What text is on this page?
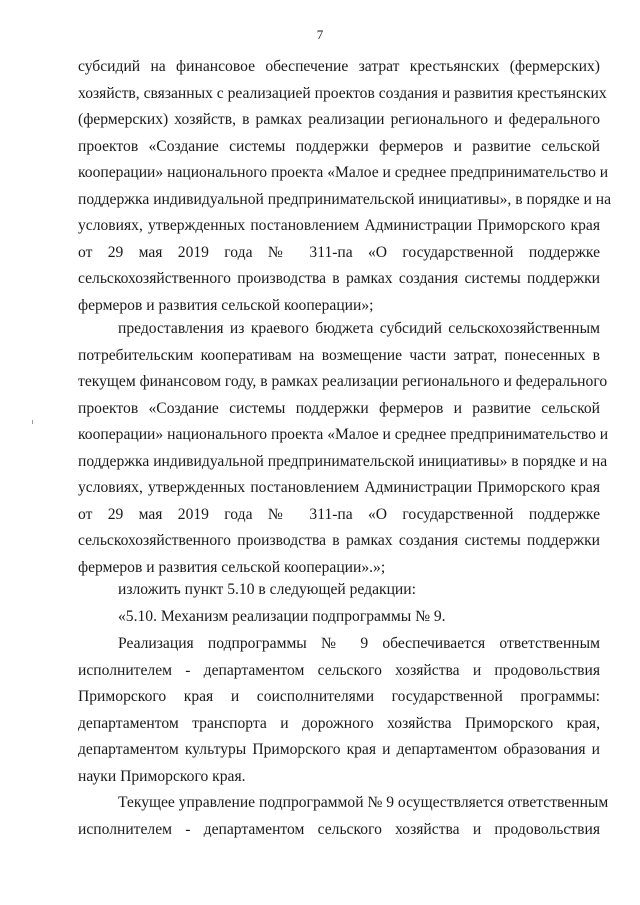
7
субсидий на финансовое обеспечение затрат крестьянских (фермерских)
хозяйств, связанных с реализацией проектов создания и развития крестьянских
(фермерских) хозяйств, в рамках реализации регионального и федерального
проектов «Создание системы поддержки фермеров и развитие сельской
кооперации» национального проекта «Малое и среднее предпринимательство и
поддержка индивидуальной предпринимательской инициативы», в порядке и на
условиях, утвержденных постановлением Администрации Приморского края
от 29 мая 2019 года № 311-па «О государственной поддержке
сельскохозяйственного производства в рамках создания системы поддержки
фермеров и развития сельской кооперации»;
предоставления из краевого бюджета субсидий сельскохозяйственным
потребительским кооперативам на возмещение части затрат, понесенных в
текущем финансовом году, в рамках реализации регионального и федерального
проектов «Создание системы поддержки фермеров и развитие сельской
кооперации» национального проекта «Малое и среднее предпринимательство и
поддержка индивидуальной предпринимательской инициативы» в порядке и на
условиях, утвержденных постановлением Администрации Приморского края
от 29 мая 2019 года № 311-па «О государственной поддержке
сельскохозяйственного производства в рамках создания системы поддержки
фермеров и развития сельской кооперации».»;
изложить пункт 5.10 в следующей редакции:
«5.10. Механизм реализации подпрограммы № 9.
Реализация подпрограммы № 9 обеспечивается ответственным
исполнителем - департаментом сельского хозяйства и продовольствия
Приморского края и соисполнителями государственной программы:
департаментом транспорта и дорожного хозяйства Приморского края,
департаментом культуры Приморского края и департаментом образования и
науки Приморского края.
Текущее управление подпрограммой № 9 осуществляется ответственным
исполнителем - департаментом сельского хозяйства и продовольствия
